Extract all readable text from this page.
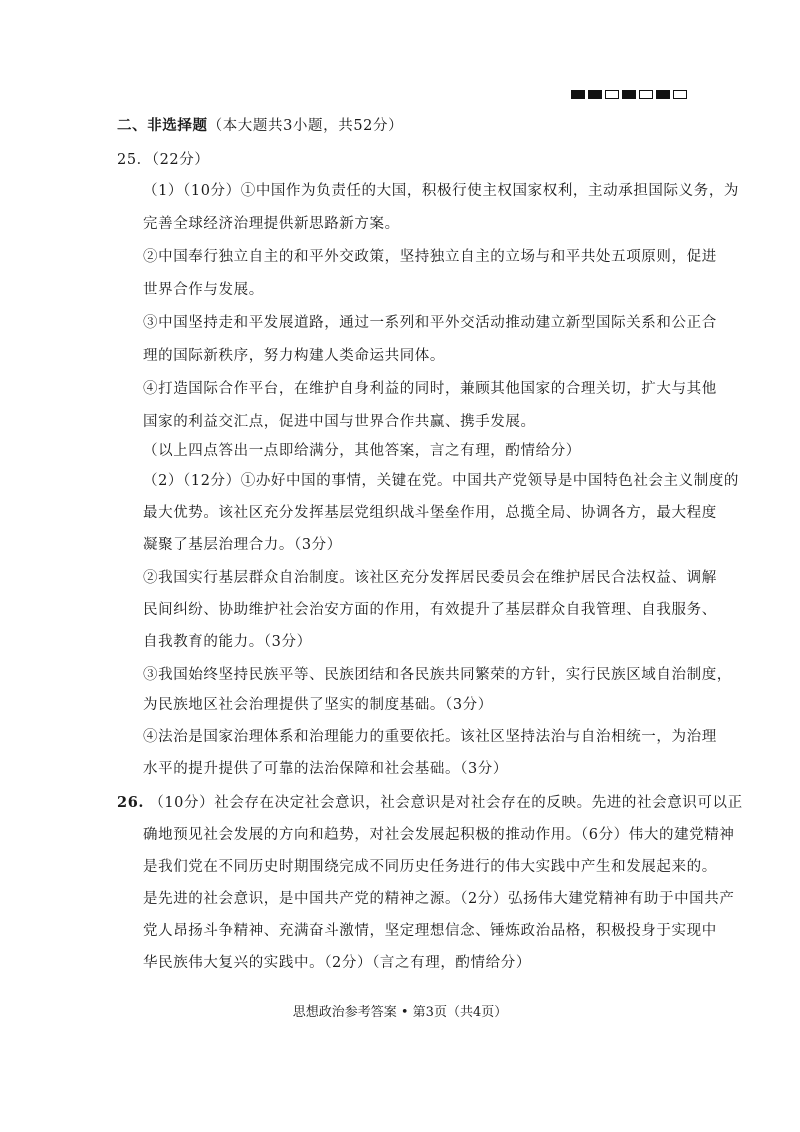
二、非选择题（本大题共3小题，共52分）
25．（22分）
（1）（10分）①中国作为负责任的大国，积极行使主权国家权利，主动承担国际义务，为
完善全球经济治理提供新思路新方案。
②中国奉行独立自主的和平外交政策，坚持独立自主的立场与和平共处五项原则，促进
世界合作与发展。
③中国坚持走和平发展道路，通过一系列和平外交活动推动建立新型国际关系和公正合
理的国际新秩序，努力构建人类命运共同体。
④打造国际合作平台，在维护自身利益的同时，兼顾其他国家的合理关切，扩大与其他
国家的利益交汇点，促进中国与世界合作共赢、携手发展。
（以上四点答出一点即给满分，其他答案，言之有理，酌情给分）
（2）（12分）①办好中国的事情，关键在党。中国共产党领导是中国特色社会主义制度的
最大优势。该社区充分发挥基层党组织战斗堡垒作用，总揽全局、协调各方，最大程度
凝聚了基层治理合力。（3分）
②我国实行基层群众自治制度。该社区充分发挥居民委员会在维护居民合法权益、调解
民间纠纷、协助维护社会治安方面的作用，有效提升了基层群众自我管理、自我服务、
自我教育的能力。（3分）
③我国始终坚持民族平等、民族团结和各民族共同繁荣的方针，实行民族区域自治制度，
为民族地区社会治理提供了坚实的制度基础。（3分）
④法治是国家治理体系和治理能力的重要依托。该社区坚持法治与自治相统一，为治理
水平的提升提供了可靠的法治保障和社会基础。（3分）
26. （10分）社会存在决定社会意识，社会意识是对社会存在的反映。先进的社会意识可以正
确地预见社会发展的方向和趋势，对社会发展起积极的推动作用。（6分）伟大的建党精神
是我们党在不同历史时期围绕完成不同历史任务进行的伟大实践中产生和发展起来的。
是先进的社会意识，是中国共产党的精神之源。（2分）弘扬伟大建党精神有助于中国共产
党人昂扬斗争精神、充满奋斗激情，坚定理想信念、锤炼政治品格，积极投身于实现中
华民族伟大复兴的实践中。（2分）（言之有理，酌情给分）
思想政治参考答案 • 第3页（共4页）
